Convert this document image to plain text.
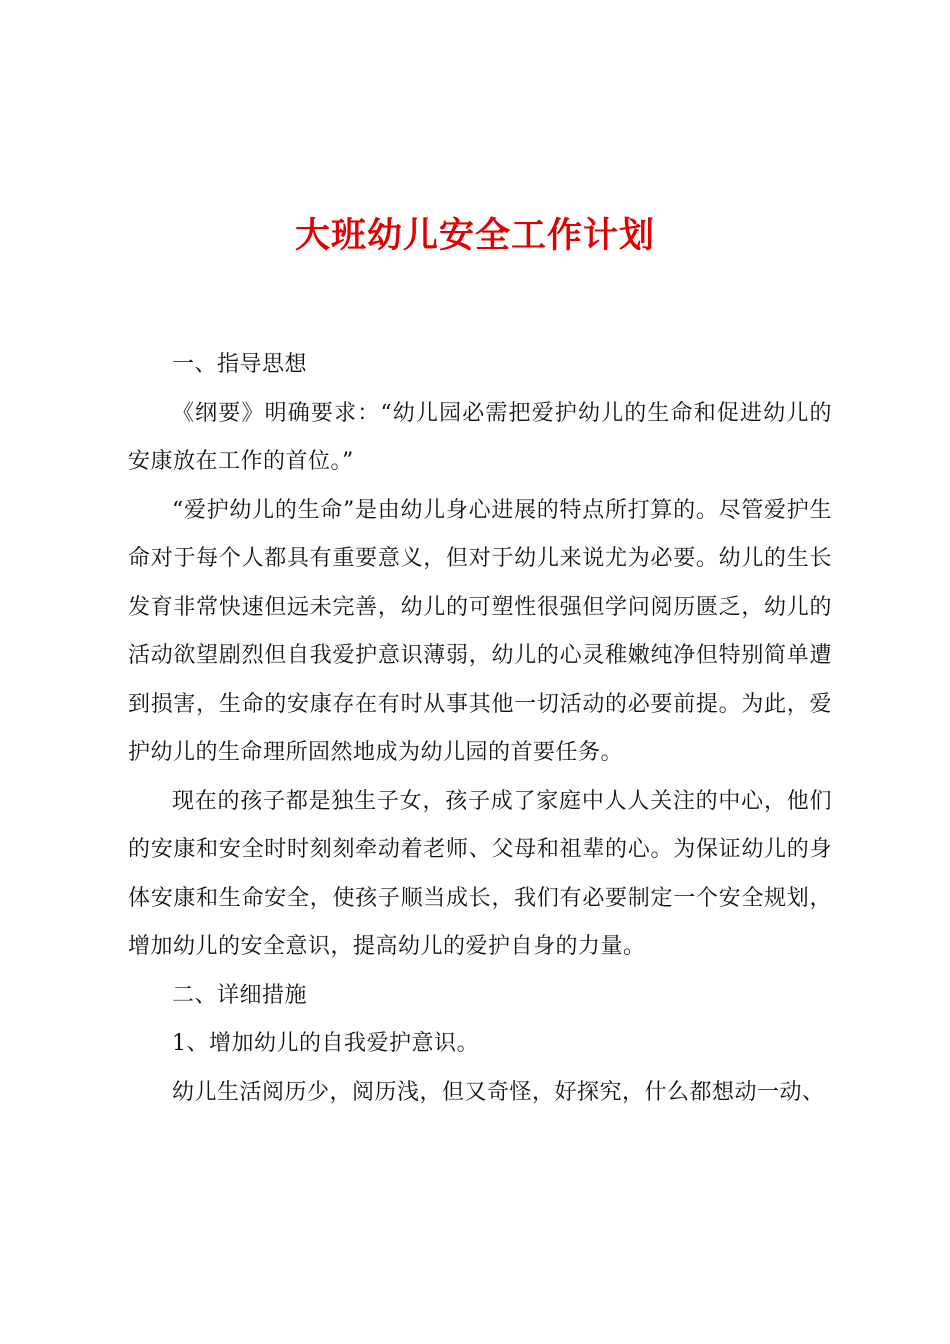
大班幼儿安全工作计划

一、指导思想

《纲要》明确要求：“幼儿园必需把爱护幼儿的生命和促进幼儿的安康放在工作的首位。”

“爱护幼儿的生命”是由幼儿身心进展的特点所打算的。尽管爱护生命对于每个人都具有重要意义，但对于幼儿来说尤为必要。幼儿的生长发育非常快速但远未完善，幼儿的可塑性很强但学问阅历匮乏，幼儿的活动欲望剧烈但自我爱护意识薄弱，幼儿的心灵稚嫩纯净但特别简单遭到损害，生命的安康存在有时从事其他一切活动的必要前提。为此，爱护幼儿的生命理所固然地成为幼儿园的首要任务。

现在的孩子都是独生子女，孩子成了家庭中人人关注的中心，他们的安康和安全时时刻刻牵动着老师、父母和祖辈的心。为保证幼儿的身体安康和生命安全，使孩子顺当成长，我们有必要制定一个安全规划，增加幼儿的安全意识，提高幼儿的爱护自身的力量。

二、详细措施

1、增加幼儿的自我爱护意识。

幼儿生活阅历少，阅历浅，但又奇怪，好探究，什么都想动一动、
